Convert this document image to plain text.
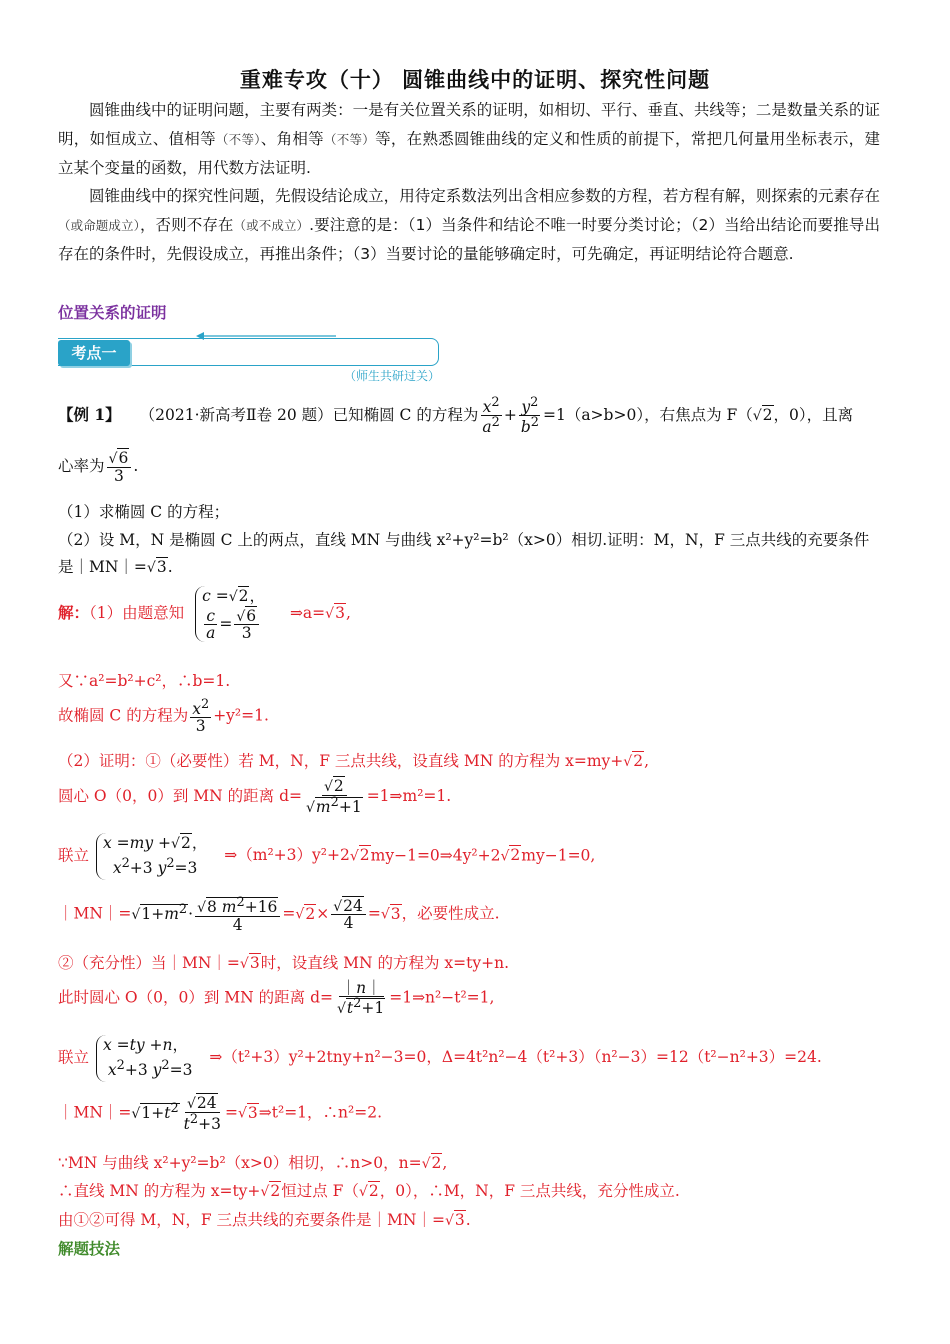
重难专攻（十） 圆锥曲线中的证明、探究性问题
圆锥曲线中的证明问题，主要有两类：一是有关位置关系的证明，如相切、平行、垂直、共线等；二是数量关系的证明，如恒成立、值相等（不等）、角相等（不等）等，在熟悉圆锥曲线的定义和性质的前提下，常把几何量用坐标表示，建立某个变量的函数，用代数方法证明.
圆锥曲线中的探究性问题，先假设结论成立，用待定系数法列出含相应参数的方程，若方程有解，则探索的元素存在（或命题成立），否则不存在（或不成立）.要注意的是：（1）当条件和结论不唯一时要分类讨论；（2）当给出结论而要推导出存在的条件时，先假设成立，再推出条件；（3）当要讨论的量能够确定时，可先确定，再证明结论符合题意.
位置关系的证明
考点一
（师生共研过关）
【例 1】 （2021·新高考Ⅱ卷 20 题）已知椭圆 C 的方程为 $\frac{x^2}{a^2} + \frac{y^2}{b^2} =1(a>b>0)$，右焦点为 F（√2，0），且离
心率为 $\frac{√6}{3}$ .
（1）求椭圆 C 的方程；
（2）设 M，N 是椭圆 C 上的两点，直线 MN 与曲线 x²+y²=b²（x>0）相切.证明：M，N，F 三点共线的充要条件
是｜MN｜=√3.
解：（1）由题意知
c =√2，
$\frac{c}{a} = \frac{√6}{3}$ ⇒a=√3,
又∵a²=b²+c²，∴b=1.
故椭圆 C 的方程为 $\frac{x^2}{3} +y^2=1$.
（2）证明：①（必要性）若 M，N，F 三点共线，设直线 MN 的方程为 x=my+√2,
圆心 O（0，0）到 MN 的距离 $d= \frac{√2}{√m^2+1}$ =1⇒m²=1.
联立
x =my +√2，
$x^2+3$ $y^2=3$
⇒（m²+3）y²+2√2my−1=0⇒4y²+2√2my−1=0,
$|MN|=√1+m^2\cdot \frac{√8 m^2+16}{4} =√2\times \frac{√24}{4} =√3$，必要性成立.
②（充分性）当｜MN｜=√3时，设直线 MN 的方程为 x=ty+n.
此时圆心 O（0，0）到 MN 的距离 $d= \frac{|n|}{√t^2+1}$ =1⇒n²−t²=1,
联立
x =ty +n，
$x^2+3$ $y^2=3$
⇒（t²+3）y²+2tny+n²−3=0，Δ=4t²n²−4（t²+3）（n²−3）=12（t²−n²+3）=24.
$|MN|=√1+t^2 \frac{√24}{t^2+3}$ =√3⇒t²=1，∴n²=2.
∵MN 与曲线 x²+y²=b²（x>0）相切，∴n>0，n=√2,
∴直线 MN 的方程为 x=ty+√2恒过点 F（√2，0），∴M，N，F 三点共线，充分性成立.
由①②可得 M，N，F 三点共线的充要条件是｜MN｜=√3.
解题技法
